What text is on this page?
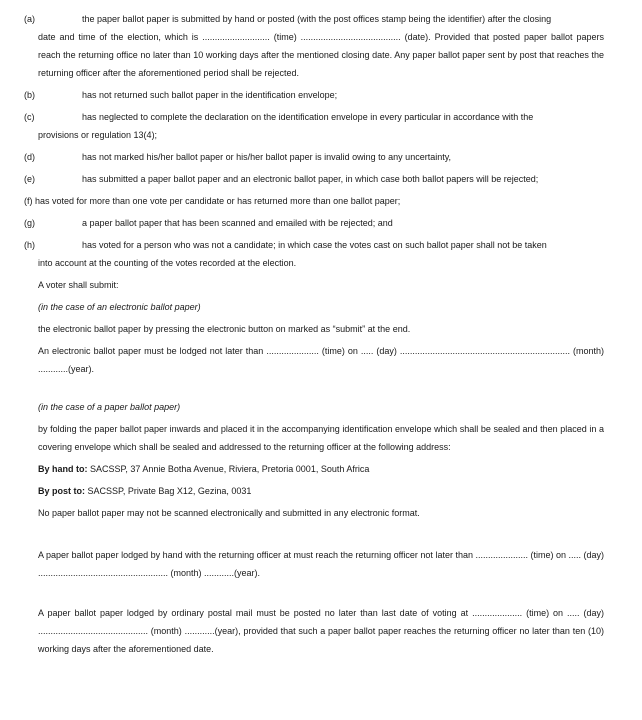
(a)	the paper ballot paper is submitted by hand or posted (with the post offices stamp being the identifier) after the closing
date and time of the election, which is ........................... (time) ........................................ (date). Provided that posted paper ballot papers reach the returning office no later than 10 working days after the mentioned closing date. Any paper ballot paper sent by post that reaches the returning officer after the aforementioned period shall be rejected.
(b)	has not returned such ballot paper in the identification envelope;
(c)	has neglected to complete the declaration on the identification envelope in every particular in accordance with the
provisions or regulation 13(4);
(d)	has not marked his/her ballot paper or his/her ballot paper is invalid owing to any uncertainty,
(e)	has submitted a paper ballot paper and an electronic ballot paper, in which case both ballot papers will be rejected;
(f) has voted for more than one vote per candidate or has returned more than one ballot paper;
(g)	a paper ballot paper that has been scanned and emailed with be rejected; and
(h)	has voted for a person who was not a candidate; in which case the votes cast on such ballot paper shall not be taken
into account at the counting of the votes recorded at the election.
A voter shall submit:
(in the case of an electronic ballot paper)
the electronic ballot paper by pressing the electronic button on marked as “submit” at the end.
An electronic ballot paper must be lodged not later than ..................... (time) on ..... (day) .................................................................... (month) ............(year).
(in the case of a paper ballot paper)
by folding the paper ballot paper inwards and placed it in the accompanying identification envelope which shall be sealed and then placed in a covering envelope which shall be sealed and addressed to the returning officer at the following address:
By hand to: SACSSP, 37 Annie Botha Avenue, Riviera, Pretoria 0001, South Africa
By post to: SACSSP, Private Bag X12, Gezina, 0031
No paper ballot paper may not be scanned electronically and submitted in any electronic format.
A paper ballot paper lodged by hand with the returning officer at must reach the returning officer not later than ..................... (time) on ..... (day) .................................................... (month) ............(year).
A paper ballot paper lodged by ordinary postal mail must be posted no later than last date of voting at .................... (time) on ..... (day) ............................................ (month) ............(year), provided that such a paper ballot paper reaches the returning officer no later than ten (10) working days after the aforementioned date.
